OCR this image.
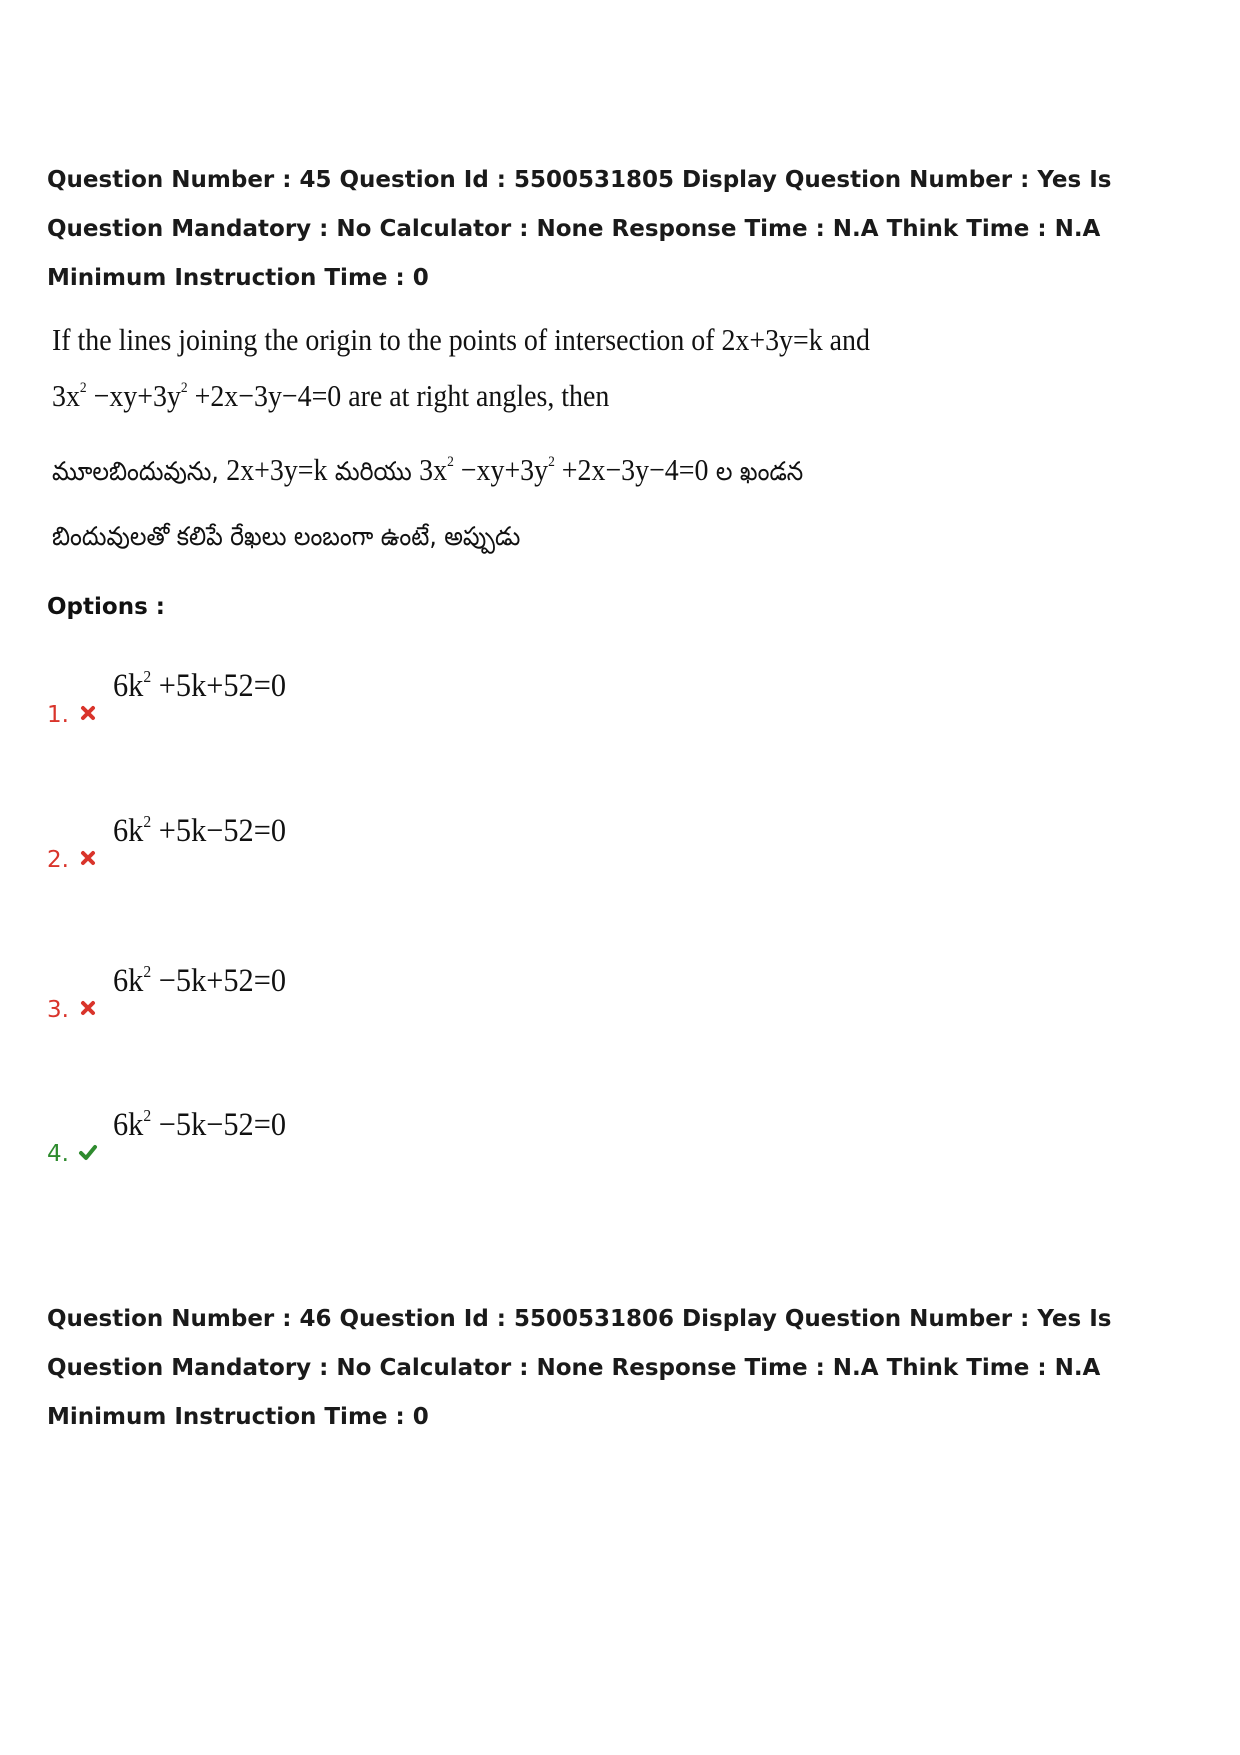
Question Number : 45 Question Id : 5500531805 Display Question Number : Yes Is Question Mandatory : No Calculator : None Response Time : N.A Think Time : N.A Minimum Instruction Time : 0
If the lines joining the origin to the points of intersection of 2x+3y=k and
$3x^2 -xy+3y^2 +2x-3y-4=0$ are at right angles, then
మూలబిందువును, 2x+3y=k మరియు $3x^2 -xy+3y^2 +2x-3y-4=0$ ల ఖండన
బిందువులతో కలిపే రేఖలు లంబంగా ఉంటే, అప్పుడు
Options :
1.
$6k^2 +5k+52=0$
2.
$6k^2 +5k-52=0$
3.
$6k^2 -5k+52=0$
4.
$6k^2 -5k-52=0$
Question Number : 46 Question Id : 5500531806 Display Question Number : Yes Is Question Mandatory : No Calculator : None Response Time : N.A Think Time : N.A Minimum Instruction Time : 0
